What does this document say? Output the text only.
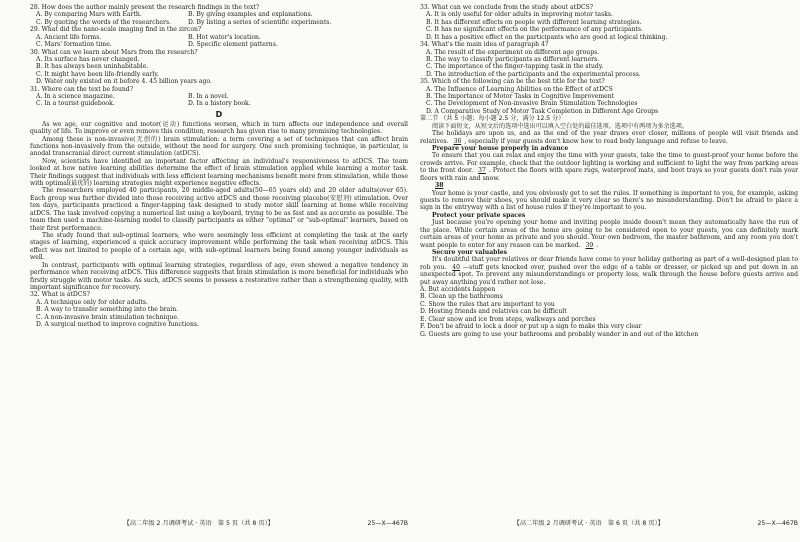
28. How does the author mainly present the research findings in the text?

A. By comparing Mars with Earth.	B. By giving examples and explanations.
C. By quoting the words of the researchers.	D. By listing a series of scientific experiments.

29. What did the nano-scale imaging find in the zircon?

A. Ancient life forms.	B. Hot water's location.
C. Mars' formation time.	D. Specific element patterns.

30. What can we learn about Mars from the research?

A. Its surface has never changed.

B. It has always been uninhabitable.

C. It might have been life-friendly early.

D. Water only existed on it before 4. 45 billion years ago.

31. Where can the text be found?

A. In a science magazine.	B. In a novel.
C. In a tourist guidebook.	D. In a history book.
D

As we age, our cognitive and motor(运动) functions worsen, which in turn affects our independence and overall quality of life. To improve or even remove this condition, research has given rise to many promising technologies.

Among these is non-invasive(无创的) brain stimulation: a term covering a set of techniques that can affect brain functions non-invasively from the outside, without the need for surgery. One such promising technique, in particular, is anodal transcranial direct current stimulation (atDCS).

Now, scientists have identified an important factor affecting an individual's responsiveness to atDCS. The team looked at how native learning abilities determine the effect of brain stimulation applied while learning a motor task. Their findings suggest that individuals with less efficient learning mechanisms benefit more from stimulation, while those with optimal(最优的) learning strategies might experience negative effects.

The researchers employed 40 participants, 20 middle-aged adults(50—65 years old) and 20 older adults(over 65). Each group was further divided into those receiving active atDCS and those receiving placebo(安慰剂) stimulation. Over ten days, participants practiced a finger-tapping task designed to study motor skill learning at home while receiving atDCS. The task involved copying a numerical list using a keyboard, trying to be as fast and as accurate as possible. The team then used a machine-learning model to classify participants as either "optimal" or "sub-optimal" learners, based on their first performance.

The study found that sub-optimal learners, who were seemingly less efficient at completing the task at the early stages of learning, experienced a quick accuracy improvement while performing the task when receiving atDCS. This effect was not limited to people of a certain age, with sub-optimal learners being found among younger individuals as well.

In contrast, participants with optimal learning strategies, regardless of age, even showed a negative tendency in performance when receiving atDCS. This difference suggests that brain stimulation is more beneficial for individuals who firstly struggle with motor tasks. As such, atDCS seems to possess a restorative rather than a strengthening quality, with important significance for recovery.

32. What is atDCS?

A. A technique only for older adults.

B. A way to transfer something into the brain.

C. A non-invasive brain stimulation technique.

D. A surgical method to improve cognitive functions.

33. What can we conclude from the study about atDCS?

A. It is only useful for older adults in improving motor tasks.

B. It has different effects on people with different learning strategies.

C. It has no significant effects on the performance of any participants.

D. It has a positive effect on the participants who are good at logical thinking.

34. What's the main idea of paragraph 4?

A. The result of the experiment on different age groups.

B. The way to classify participants as different learners.

C. The importance of the finger-tapping task in the study.

D. The introduction of the participants and the experimental process.

35. Which of the following can be the best title for the text?

A. The Influence of Learning Abilities on the Effect of atDCS

B. The Importance of Motor Tasks in Cognitive Improvement

C. The Development of Non-invasive Brain Stimulation Technologies

D. A Comparative Study of Motor Task Completion in Different Age Groups

第二节 （共 5 小题；每小题 2.5 分，满分 12.5 分）

阅读下面短文，从短文后的选项中选出可以填入空白处的最佳选项。选项中有两项为多余选项。

The holidays are upon us, and as the end of the year draws ever closer, millions of people will visit friends and relatives. 36 , especially if your guests don't know how to read body language and refuse to leave.

Prepare your house properly in advance

To ensure that you can relax and enjoy the time with your guests, take the time to guest-proof your home before the crowds arrive. For example, check that the outdoor lighting is working and sufficient to light the way from parking areas to the front door. 37 . Protect the floors with spare rugs, waterproof mats, and boot trays so your guests don't ruin your floors with rain and snow.

38

Your home is your castle, and you obviously get to set the rules. If something is important to you, for example, asking guests to remove their shoes, you should make it very clear so there's no misunderstanding. Don't be afraid to place a sign in the entryway with a list of house rules if they're important to you.

Protect your private spaces

Just because you're opening your home and inviting people inside doesn't mean they automatically have the run of the place. While certain areas of the home are going to be considered open to your guests, you can definitely mark certain areas of your home as private and you should. Your own bedroom, the master bathroom, and any room you don't want people to enter for any reason can be marked. 39 .

Secure your valuables

It's doubtful that your relatives or dear friends have come to your holiday gathering as part of a well-designed plan to rob you. 40 —stuff gets knocked over, pushed over the edge of a table or dresser, or picked up and put down in an unexpected spot. To prevent any misunderstandings or property loss, walk through the house before guests arrive and put away anything you'd rather not lose.

A. But accidents happen

B. Clean up the bathrooms

C. Show the rules that are important to you

D. Hosting friends and relatives can be difficult

E. Clear snow and ice from steps, walkways and porches

F. Don't be afraid to lock a door or put up a sign to make this very clear

G. Guests are going to use your bathrooms and probably wander in and out of the kitchen

【高二年级 2 月调研考试 · 英语　第 5 页（共 8 页）】	25—X—467B	【高二年级 2 月调研考试 · 英语　第 6 页（共 8 页）】	25—X—467B
